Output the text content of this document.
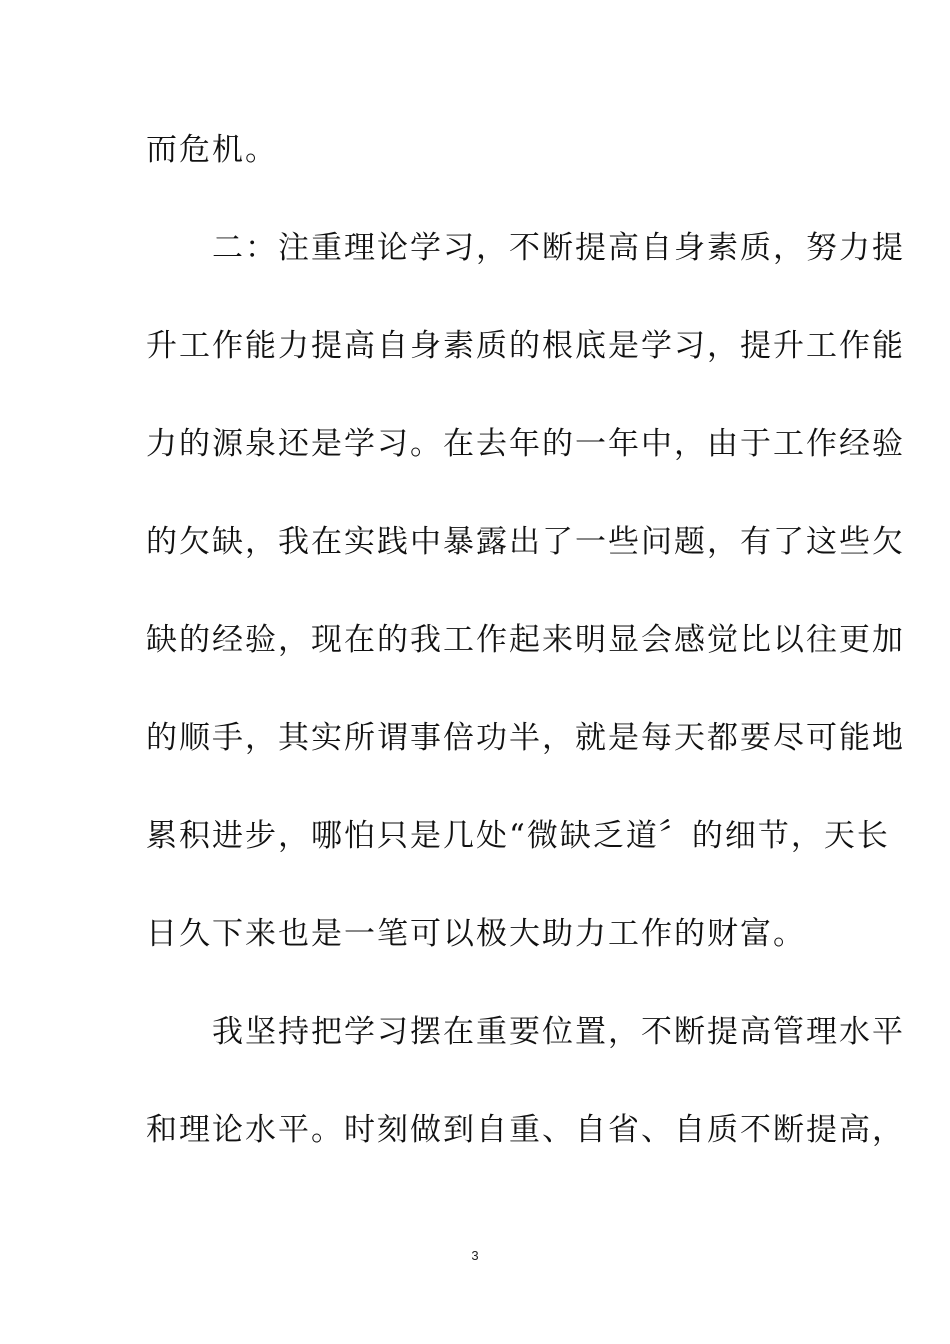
而危机。
　　二：注重理论学习，不断提高自身素质，努力提
升工作能力提高自身素质的根底是学习，提升工作能
力的源泉还是学习。在去年的一年中，由于工作经验
的欠缺，我在实践中暴露出了一些问题，有了这些欠
缺的经验，现在的我工作起来明显会感觉比以往更加
的顺手，其实所谓事倍功半，就是每天都要尽可能地
累积进步，哪怕只是几处“微缺乏道〞的细节，天长
日久下来也是一笔可以极大助力工作的财富。
　　我坚持把学习摆在重要位置，不断提高管理水平
和理论水平。时刻做到自重、自省、自质不断提高，
3
